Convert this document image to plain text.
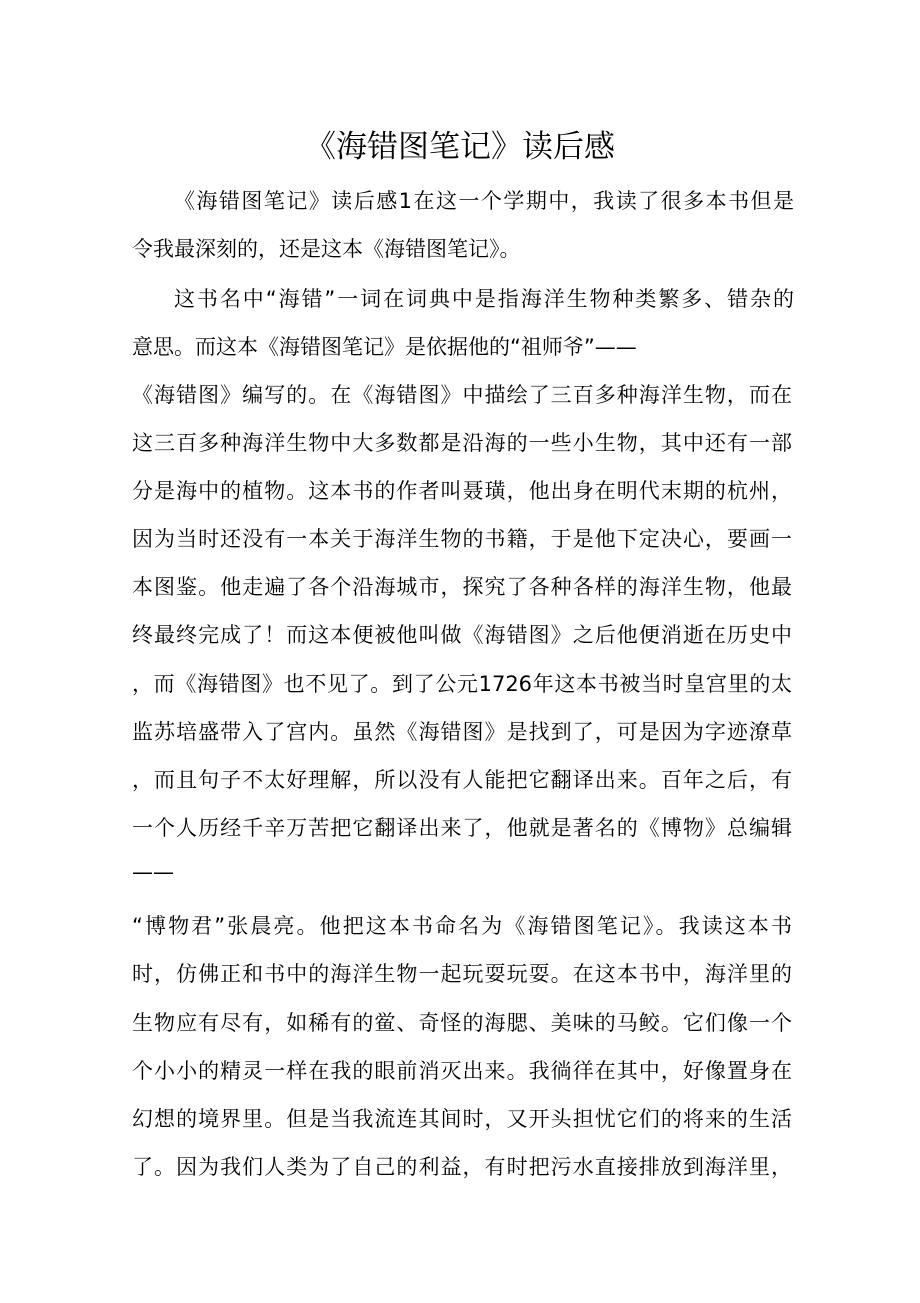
《海错图笔记》读后感

《海错图笔记》读后感1在这一个学期中，我读了很多本书但是

令我最深刻的，还是这本《海错图笔记》。

这书名中“海错”一词在词典中是指海洋生物种类繁多、错杂的

意思。而这本《海错图笔记》是依据他的“祖师爷”——

《海错图》编写的。在《海错图》中描绘了三百多种海洋生物，而在

这三百多种海洋生物中大多数都是沿海的一些小生物，其中还有一部

分是海中的植物。这本书的作者叫聂璜，他出身在明代末期的杭州，

因为当时还没有一本关于海洋生物的书籍，于是他下定决心，要画一

本图鉴。他走遍了各个沿海城市，探究了各种各样的海洋生物，他最

终最终完成了！而这本便被他叫做《海错图》之后他便消逝在历史中

，而《海错图》也不见了。到了公元1726年这本书被当时皇宫里的太

监苏培盛带入了宫内。虽然《海错图》是找到了，可是因为字迹潦草

，而且句子不太好理解，所以没有人能把它翻译出来。百年之后，有

一个人历经千辛万苦把它翻译出来了，他就是著名的《博物》总编辑

——

“博物君”张晨亮。他把这本书命名为《海错图笔记》。我读这本书

时，仿佛正和书中的海洋生物一起玩耍玩耍。在这本书中，海洋里的

生物应有尽有，如稀有的鲎、奇怪的海腮、美味的马鲛。它们像一个

个小小的精灵一样在我的眼前消灭出来。我徜徉在其中，好像置身在

幻想的境界里。但是当我流连其间时，又开头担忧它们的将来的生活

了。因为我们人类为了自己的利益，有时把污水直接排放到海洋里，
